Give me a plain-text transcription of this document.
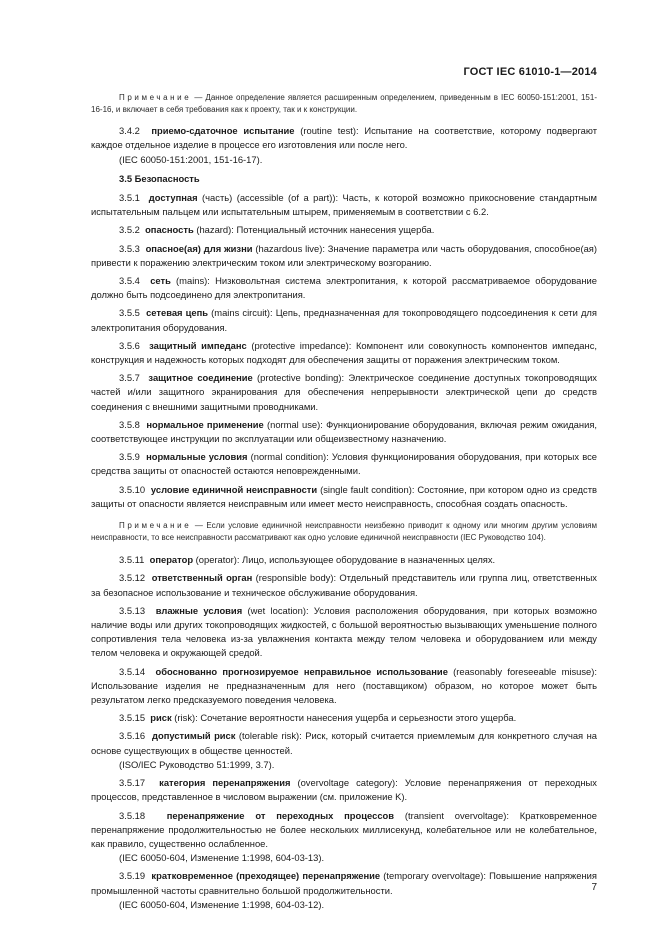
ГОСТ IEC 61010-1—2014

Примечание — Данное определение является расширенным определением, приведенным в IEC 60050-151:2001, 151-16-16, и включает в себя требования как к проекту, так и к конструкции.

3.4.2 приемо-сдаточное испытание (routine test): Испытание на соответствие, которому подвергают каждое отдельное изделие в процессе его изготовления или после него.

(IEC 60050-151:2001, 151-16-17).

3.5 Безопасность

3.5.1 доступная (часть) (accessible (of a part)): Часть, к которой возможно прикосновение стандартным испытательным пальцем или испытательным штырем, применяемым в соответствии с 6.2.

3.5.2 опасность (hazard): Потенциальный источник нанесения ущерба.

3.5.3 опасное(ая) для жизни (hazardous live): Значение параметра или часть оборудования, способное(ая) привести к поражению электрическим током или электрическому возгоранию.

3.5.4 сеть (mains): Низковольтная система электропитания, к которой рассматриваемое оборудование должно быть подсоединено для электропитания.

3.5.5 сетевая цепь (mains circuit): Цепь, предназначенная для токопроводящего подсоединения к сети для электропитания оборудования.

3.5.6 защитный импеданс (protective impedance): Компонент или совокупность компонентов импеданс, конструкция и надежность которых подходят для обеспечения защиты от поражения электрическим током.

3.5.7 защитное соединение (protective bonding): Электрическое соединение доступных токопроводящих частей и/или защитного экранирования для обеспечения непрерывности электрической цепи до средств соединения с внешними защитными проводниками.

3.5.8 нормальное применение (normal use): Функционирование оборудования, включая режим ожидания, соответствующее инструкции по эксплуатации или общеизвестному назначению.

3.5.9 нормальные условия (normal condition): Условия функционирования оборудования, при которых все средства защиты от опасностей остаются неповрежденными.

3.5.10 условие единичной неисправности (single fault condition): Состояние, при котором одно из средств защиты от опасности является неисправным или имеет место неисправность, способная создать опасность.

Примечание — Если условие единичной неисправности неизбежно приводит к одному или многим другим условиям неисправности, то все неисправности рассматривают как одно условие единичной неисправности (IEC Руководство 104).

3.5.11 оператор (operator): Лицо, использующее оборудование в назначенных целях.

3.5.12 ответственный орган (responsible body): Отдельный представитель или группа лиц, ответственных за безопасное использование и техническое обслуживание оборудования.

3.5.13 влажные условия (wet location): Условия расположения оборудования, при которых возможно наличие воды или других токопроводящих жидкостей, с большой вероятностью вызывающих уменьшение полного сопротивления тела человека из-за увлажнения контакта между телом человека и оборудованием или между телом человека и окружающей средой.

3.5.14 обоснованно прогнозируемое неправильное использование (reasonably foreseeable misuse): Использование изделия не предназначенным для него (поставщиком) образом, но которое может быть результатом легко предсказуемого поведения человека.

3.5.15 риск (risk): Сочетание вероятности нанесения ущерба и серьезности этого ущерба.

3.5.16 допустимый риск (tolerable risk): Риск, который считается приемлемым для конкретного случая на основе существующих в обществе ценностей.

(ISO/IEC Руководство 51:1999, 3.7).

3.5.17 категория перенапряжения (overvoltage category): Условие перенапряжения от переходных процессов, представленное в числовом выражении (см. приложение K).

3.5.18 перенапряжение от переходных процессов (transient overvoltage): Кратковременное перенапряжение продолжительностью не более нескольких миллисекунд, колебательное или не колебательное, как правило, существенно ослабленное.

(IEC 60050-604, Изменение 1:1998, 604-03-13).

3.5.19 кратковременное (преходящее) перенапряжение (temporary overvoltage): Повышение напряжения промышленной частоты сравнительно большой продолжительности.

(IEC 60050-604, Изменение 1:1998, 604-03-12).

7
